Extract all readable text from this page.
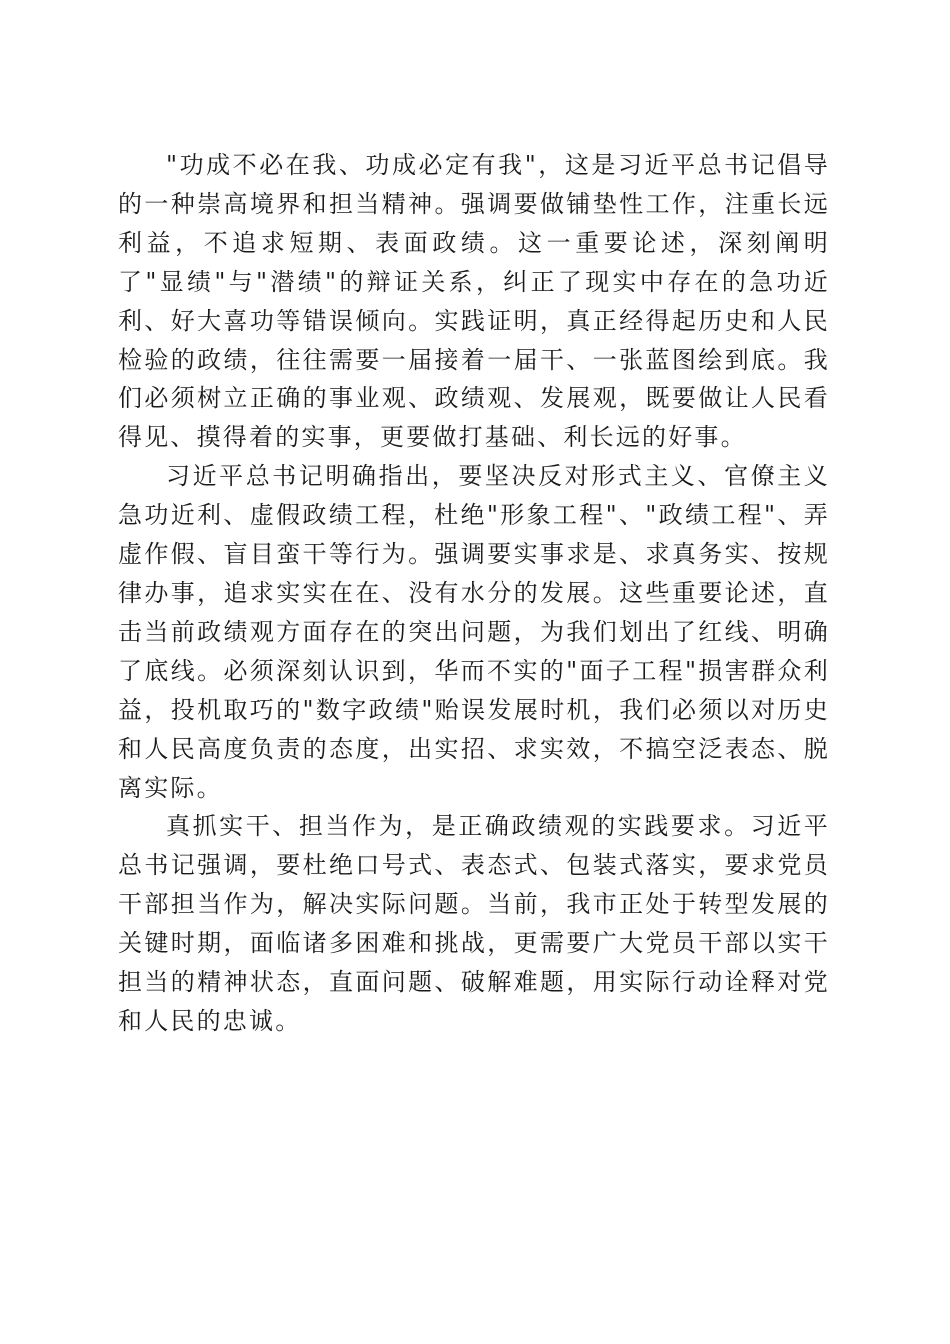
"功成不必在我、功成必定有我"，这是习近平总书记倡导的一种崇高境界和担当精神。强调要做铺垫性工作，注重长远利益，不追求短期、表面政绩。这一重要论述，深刻阐明了"显绩"与"潜绩"的辩证关系，纠正了现实中存在的急功近利、好大喜功等错误倾向。实践证明，真正经得起历史和人民检验的政绩，往往需要一届接着一届干、一张蓝图绘到底。我们必须树立正确的事业观、政绩观、发展观，既要做让人民看得见、摸得着的实事，更要做打基础、利长远的好事。

习近平总书记明确指出，要坚决反对形式主义、官僚主义急功近利、虚假政绩工程，杜绝"形象工程"、"政绩工程"、弄虚作假、盲目蛮干等行为。强调要实事求是、求真务实、按规律办事，追求实实在在、没有水分的发展。这些重要论述，直击当前政绩观方面存在的突出问题，为我们划出了红线、明确了底线。必须深刻认识到，华而不实的"面子工程"损害群众利益，投机取巧的"数字政绩"贻误发展时机，我们必须以对历史和人民高度负责的态度，出实招、求实效，不搞空泛表态、脱离实际。

真抓实干、担当作为，是正确政绩观的实践要求。习近平总书记强调，要杜绝口号式、表态式、包装式落实，要求党员干部担当作为，解决实际问题。当前，我市正处于转型发展的关键时期，面临诸多困难和挑战，更需要广大党员干部以实干担当的精神状态，直面问题、破解难题，用实际行动诠释对党和人民的忠诚。
